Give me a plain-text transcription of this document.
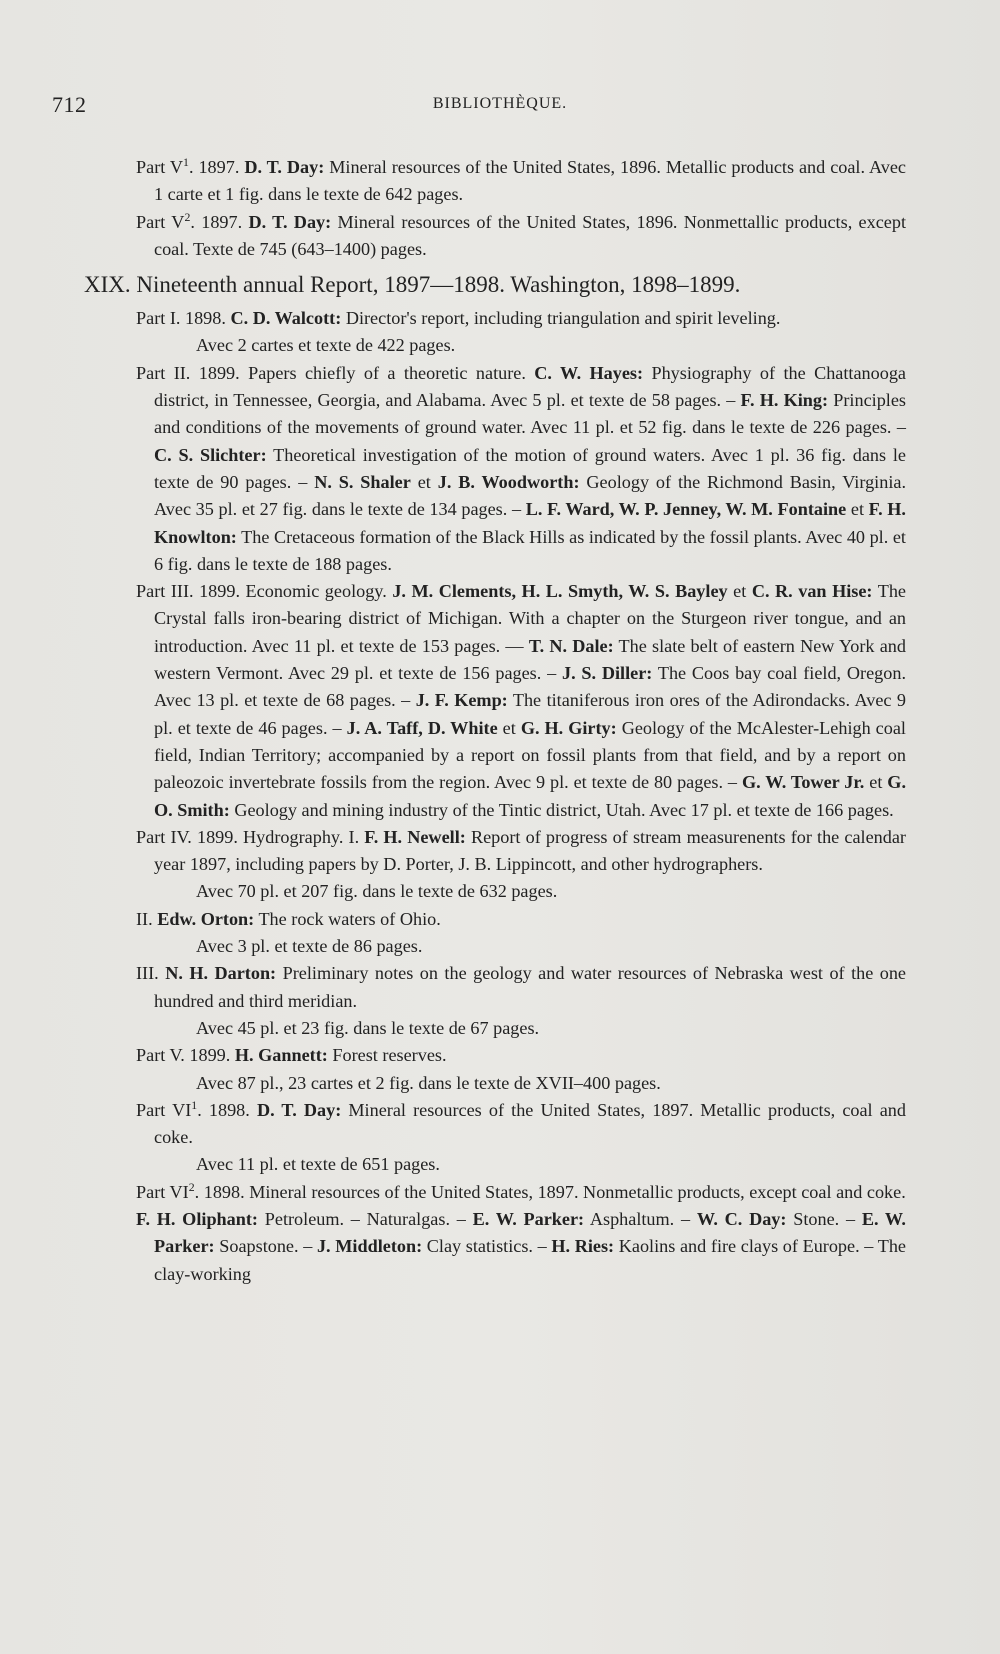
712	BIBLIOTHÈQUE.

Part $V^1$. 1897. D. T. Day: Mineral resources of the United States, 1896. Metallic products and coal. Avec 1 carte et 1 fig. dans le texte de 642 pages.

Part $V^2$. 1897. D. T. Day: Mineral resources of the United States, 1896. Nonmettallic products, except coal. Texte de 745 (643–1400) pages.

XIX. Nineteenth annual Report, 1897—1898. Washington, 1898–1899.

Part I. 1898. C. D. Walcott: Director's report, including triangulation and spirit leveling.

Avec 2 cartes et texte de 422 pages.

Part II. 1899. Papers chiefly of a theoretic nature. C. W. Hayes: Physiography of the Chattanooga district, in Tennessee, Georgia, and Alabama. Avec 5 pl. et texte de 58 pages. – F. H. King: Principles and conditions of the movements of ground water. Avec 11 pl. et 52 fig. dans le texte de 226 pages. – C. S. Slichter: Theoretical investigation of the motion of ground waters. Avec 1 pl. 36 fig. dans le texte de 90 pages. – N. S. Shaler et J. B. Woodworth: Geology of the Richmond Basin, Virginia. Avec 35 pl. et 27 fig. dans le texte de 134 pages. – L. F. Ward, W. P. Jenney, W. M. Fontaine et F. H. Knowlton: The Cretaceous formation of the Black Hills as indicated by the fossil plants. Avec 40 pl. et 6 fig. dans le texte de 188 pages.

Part III. 1899. Economic geology. J. M. Clements, H. L. Smyth, W. S. Bayley et C. R. van Hise: The Crystal falls iron-bearing district of Michigan. With a chapter on the Sturgeon river tongue, and an introduction. Avec 11 pl. et texte de 153 pages. — T. N. Dale: The slate belt of eastern New York and western Vermont. Avec 29 pl. et texte de 156 pages. – J. S. Diller: The Coos bay coal field, Oregon. Avec 13 pl. et texte de 68 pages. – J. F. Kemp: The titaniferous iron ores of the Adirondacks. Avec 9 pl. et texte de 46 pages. – J. A. Taff, D. White et G. H. Girty: Geology of the McAlester-Lehigh coal field, Indian Territory; accompanied by a report on fossil plants from that field, and by a report on paleozoic invertebrate fossils from the region. Avec 9 pl. et texte de 80 pages. – G. W. Tower Jr. et G. O. Smith: Geology and mining industry of the Tintic district, Utah. Avec 17 pl. et texte de 166 pages.

Part IV. 1899. Hydrography. I. F. H. Newell: Report of progress of stream measurenents for the calendar year 1897, including papers by D. Porter, J. B. Lippincott, and other hydrographers.

Avec 70 pl. et 207 fig. dans le texte de 632 pages.

II. Edw. Orton: The rock waters of Ohio.

Avec 3 pl. et texte de 86 pages.

III. N. H. Darton: Preliminary notes on the geology and water resources of Nebraska west of the one hundred and third meridian.

Avec 45 pl. et 23 fig. dans le texte de 67 pages.

Part V. 1899. H. Gannett: Forest reserves.

Avec 87 pl., 23 cartes et 2 fig. dans le texte de XVII–400 pages.

Part $VI^1$. 1898. D. T. Day: Mineral resources of the United States, 1897. Metallic products, coal and coke.

Avec 11 pl. et texte de 651 pages.

Part $VI^2$. 1898. Mineral resources of the United States, 1897. Nonmetallic products, except coal and coke.

F. H. Oliphant: Petroleum. – Naturalgas. – E. W. Parker: Asphaltum. – W. C. Day: Stone. – E. W. Parker: Soapstone. – J. Middleton: Clay statistics. – H. Ries: Kaolins and fire clays of Europe. – The clay-working
